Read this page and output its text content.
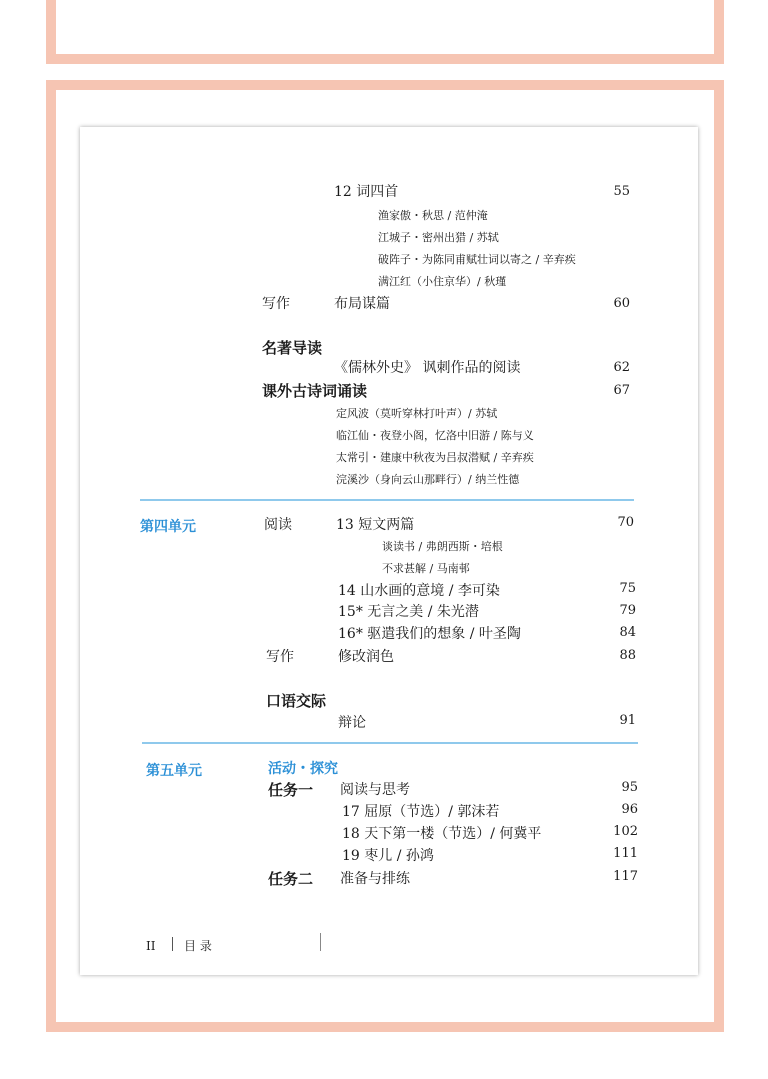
12 词四首	55
渔家傲・秋思 / 范仲淹
江城子・密州出猎 / 苏轼
破阵子・为陈同甫赋壮词以寄之 / 辛弃疾
满江红（小住京华）/ 秋瑾
写作	布局谋篇	60
名著导读
《儒林外史》 讽刺作品的阅读	62
课外古诗词诵读	67
定风波（莫听穿林打叶声）/ 苏轼
临江仙・夜登小阁，忆洛中旧游 / 陈与义
太常引・建康中秋夜为吕叔潜赋 / 辛弃疾
浣溪沙（身向云山那畔行）/ 纳兰性德
第四单元	阅读	13 短文两篇	70
谈读书 / 弗朗西斯・培根
不求甚解 / 马南邨
14 山水画的意境 / 李可染	75
15* 无言之美 / 朱光潜	79
16* 驱遣我们的想象 / 叶圣陶	84
写作	修改润色	88
口语交际
辩论	91
第五单元	活动・探究
任务一 阅读与思考	95
17 屈原（节选）/ 郭沫若	96
18 天下第一楼（节选）/ 何冀平	102
19 枣儿 / 孙鸿	111
任务二 准备与排练	117
II 目 录
